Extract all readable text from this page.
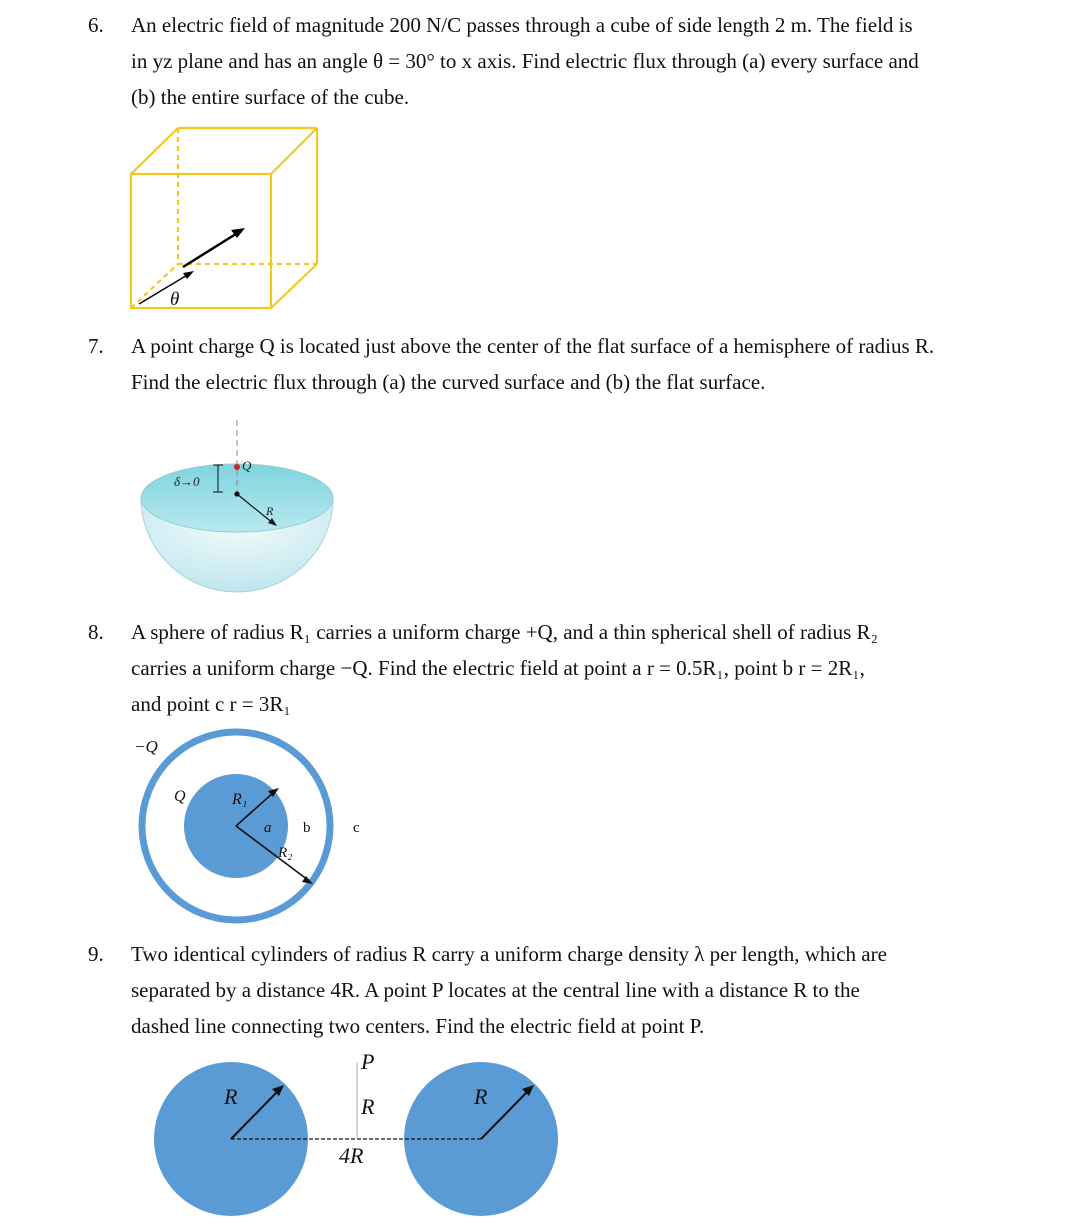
6. An electric field of magnitude 200 N/C passes through a cube of side length 2 m. The field is
in yz plane and has an angle θ = 30° to x axis. Find electric flux through (a) every surface and
(b) the entire surface of the cube.
θ
7. A point charge Q is located just above the center of the flat surface of a hemisphere of radius R.
Find the electric flux through (a) the curved surface and (b) the flat surface.
δ→0
Q
R
8. A sphere of radius R₁ carries a uniform charge +Q, and a thin spherical shell of radius R₂
carries a uniform charge −Q. Find the electric field at point a r = 0.5R₁, point b r = 2R₁,
and point c r = 3R₁
−Q
Q	R₁
R₂
a b	c
9. Two identical cylinders of radius R carry a uniform charge density λ per length, which are
separated by a distance 4R. A point P locates at the central line with a distance R to the
dashed line connecting two centers. Find the electric field at point P.
P
R	R
R
4R
